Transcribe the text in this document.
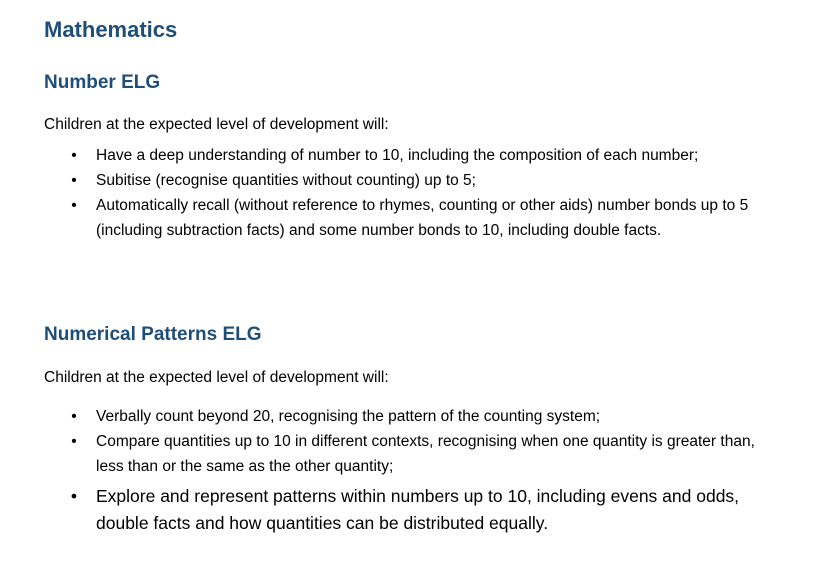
Mathematics
Number ELG

Children at the expected level of development will:

• Have a deep understanding of number to 10, including the composition of each number;
• Subitise (recognise quantities without counting) up to 5;
• Automatically recall (without reference to rhymes, counting or other aids) number bonds up to 5 (including subtraction facts) and some number bonds to 10, including double facts.
Numerical Patterns ELG

Children at the expected level of development will:

• Verbally count beyond 20, recognising the pattern of the counting system;
• Compare quantities up to 10 in different contexts, recognising when one quantity is greater than, less than or the same as the other quantity;
• Explore and represent patterns within numbers up to 10, including evens and odds, double facts and how quantities can be distributed equally.
